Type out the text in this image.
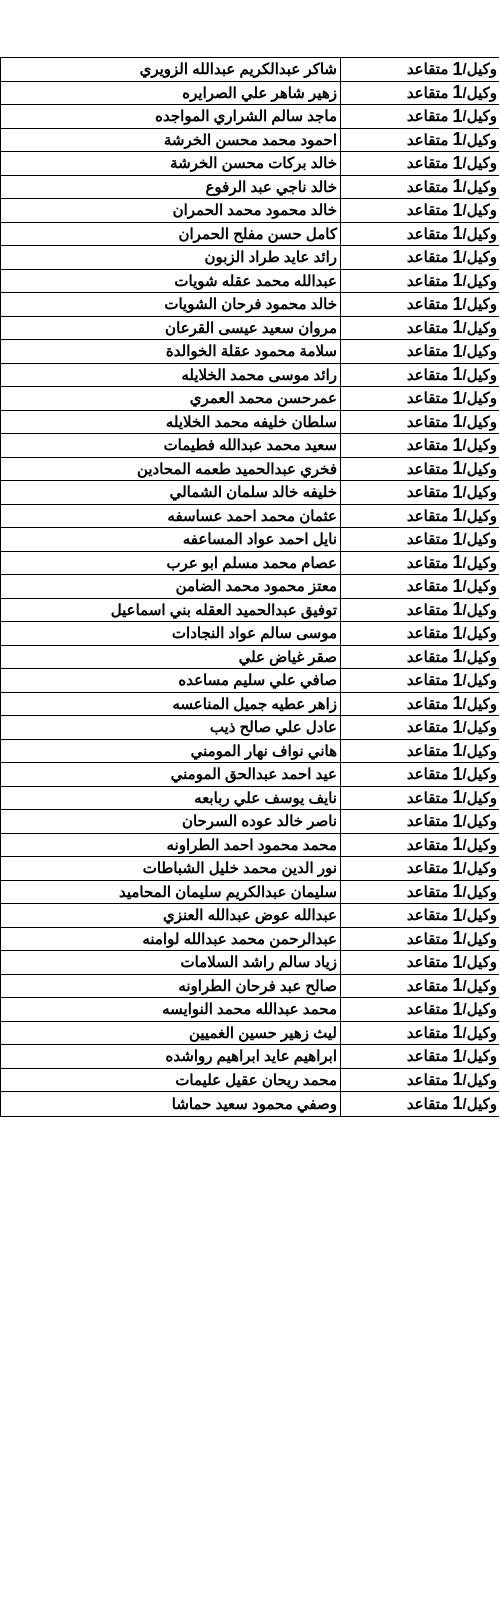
وكيل/
1
متقاعد
شاكر عبدالكريم عبدالله الزويري
وكيل/
1
متقاعد
زهير شاهر علي الصرايره
وكيل/
1
متقاعد
ماجد سالم الشراري المواجده
وكيل/
1
متقاعد
احمود محمد محسن الخرشة
وكيل/
1
متقاعد
خالد بركات محسن الخرشة
وكيل/
1
متقاعد
خالد ناجي عبد الرفوع
وكيل/
1
متقاعد
خالد محمود محمد الحمران
وكيل/
1
متقاعد
كامل حسن مفلح الحمران
وكيل/
1
متقاعد
رائد عايد طراد الزبون
وكيل/
1
متقاعد
عبدالله محمد عقله شويات
وكيل/
1
متقاعد
خالد محمود فرحان الشويات
وكيل/
1
متقاعد
مروان سعيد عيسى القرعان
وكيل/
1
متقاعد
سلامة محمود عقلة الخوالدة
وكيل/
1
متقاعد
رائد موسى محمد الخلايله
وكيل/
1
متقاعد
عمرحسن محمد العمري
وكيل/
1
متقاعد
سلطان خليفه محمد الخلايله
وكيل/
1
متقاعد
سعيد محمد عبدالله فطيمات
وكيل/
1
متقاعد
فخري عبدالحميد طعمه المحادين
وكيل/
1
متقاعد
خليفه خالد سلمان الشمالي
وكيل/
1
متقاعد
عثمان محمد احمد عساسفه
وكيل/
1
متقاعد
نايل احمد عواد المساعفه
وكيل/
1
متقاعد
عصام محمد مسلم ابو عرب
وكيل/
1
متقاعد
معتز محمود محمد الضامن
وكيل/
1
متقاعد
توفيق عبدالحميد العقله بني اسماعيل
وكيل/
1
متقاعد
موسى سالم عواد النجادات
وكيل/
1
متقاعد
صقر غياض علي
وكيل/
1
متقاعد
صافي علي سليم مساعده
وكيل/
1
متقاعد
زاهر عطيه جميل المناعسه
وكيل/
1
متقاعد
عادل علي صالح ذيب
وكيل/
1
متقاعد
هاني نواف نهار المومني
وكيل/
1
متقاعد
عيد احمد عبدالحق المومني
وكيل/
1
متقاعد
نايف يوسف علي ربابعه
وكيل/
1
متقاعد
ناصر خالد عوده السرحان
وكيل/
1
متقاعد
محمد محمود احمد الطراونه
وكيل/
1
متقاعد
نور الدين محمد خليل الشباطات
وكيل/
1
متقاعد
سليمان عبدالكريم سليمان المحاميد
وكيل/
1
متقاعد
عبدالله عوض عبدالله العنزي
وكيل/
1
متقاعد
عبدالرحمن محمد عبدالله لوامنه
وكيل/
1
متقاعد
زياد سالم راشد السلامات
وكيل/
1
متقاعد
صالح عبد فرحان الطراونه
وكيل/
1
متقاعد
محمد عبدالله محمد النوايسه
وكيل/
1
متقاعد
ليث زهير حسين الغميين
وكيل/
1
متقاعد
ابراهيم عايد ابراهيم رواشده
وكيل/
1
متقاعد
محمد ريحان عقيل عليمات
وكيل/
1
متقاعد
وصفي محمود سعيد حماشا
